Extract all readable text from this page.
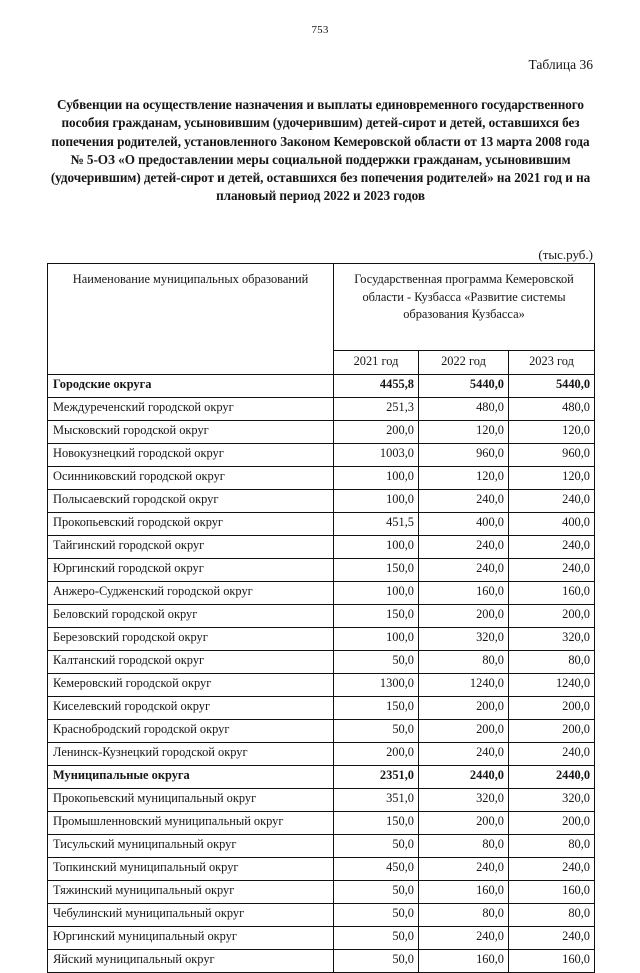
753
Таблица 36
Субвенции на осуществление назначения и выплаты единовременного государственного пособия гражданам, усыновившим (удочерившим) детей-сирот и детей, оставшихся без попечения родителей, установленного Законом Кемеровской области от 13 марта 2008 года № 5-ОЗ «О предоставлении меры социальной поддержки гражданам, усыновившим (удочерившим) детей-сирот и детей, оставшихся без попечения родителей» на 2021 год и на плановый период 2022 и 2023 годов
(тыс.руб.)
Наименование муниципальных образований	Государственная программа Кемеровской области - Кузбасса «Развитие системы образования Кузбасса»		
	2021 год	2022 год	2023 год
Городские округа	4455,8	5440,0	5440,0
Междуреченский городской округ	251,3	480,0	480,0
Мысковский городской округ	200,0	120,0	120,0
Новокузнецкий городской округ	1003,0	960,0	960,0
Осинниковский городской округ	100,0	120,0	120,0
Полысаевский городской округ	100,0	240,0	240,0
Прокопьевский городской округ	451,5	400,0	400,0
Тайгинский городской округ	100,0	240,0	240,0
Юргинский городской округ	150,0	240,0	240,0
Анжеро-Судженский городской округ	100,0	160,0	160,0
Беловский городской округ	150,0	200,0	200,0
Березовский городской округ	100,0	320,0	320,0
Калтанский городской округ	50,0	80,0	80,0
Кемеровский городской округ	1300,0	1240,0	1240,0
Киселевский городской округ	150,0	200,0	200,0
Краснобродский городской округ	50,0	200,0	200,0
Ленинск-Кузнецкий городской округ	200,0	240,0	240,0
Муниципальные округа	2351,0	2440,0	2440,0
Прокопьевский муниципальный округ	351,0	320,0	320,0
Промышленновский муниципальный округ	150,0	200,0	200,0
Тисульский муниципальный округ	50,0	80,0	80,0
Топкинский муниципальный округ	450,0	240,0	240,0
Тяжинский муниципальный округ	50,0	160,0	160,0
Чебулинский муниципальный округ	50,0	80,0	80,0
Юргинский муниципальный округ	50,0	240,0	240,0
Яйский муниципальный округ	50,0	160,0	160,0
